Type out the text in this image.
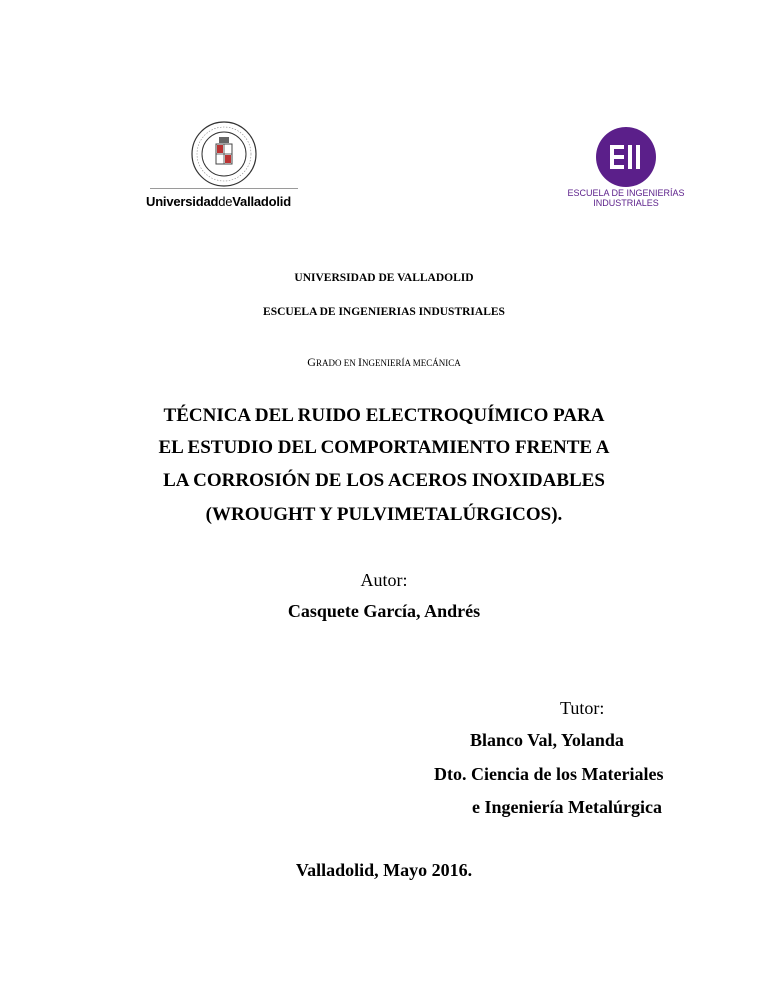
UniversidaddeValladolid
ESCUELA DE INGENIERÍAS
INDUSTRIALES
UNIVERSIDAD DE VALLADOLID
ESCUELA DE INGENIERIAS INDUSTRIALES
GRADO EN INGENIERÍA MECÁNICA
TÉCNICA DEL RUIDO ELECTROQUÍMICO PARA
EL ESTUDIO DEL COMPORTAMIENTO FRENTE A
LA CORROSIÓN DE LOS ACEROS INOXIDABLES
(WROUGHT Y PULVIMETALÚRGICOS).
Autor:
Casquete García, Andrés
Tutor:
Blanco Val, Yolanda
Dto. Ciencia de los Materiales
e Ingeniería Metalúrgica
Valladolid, Mayo 2016.
